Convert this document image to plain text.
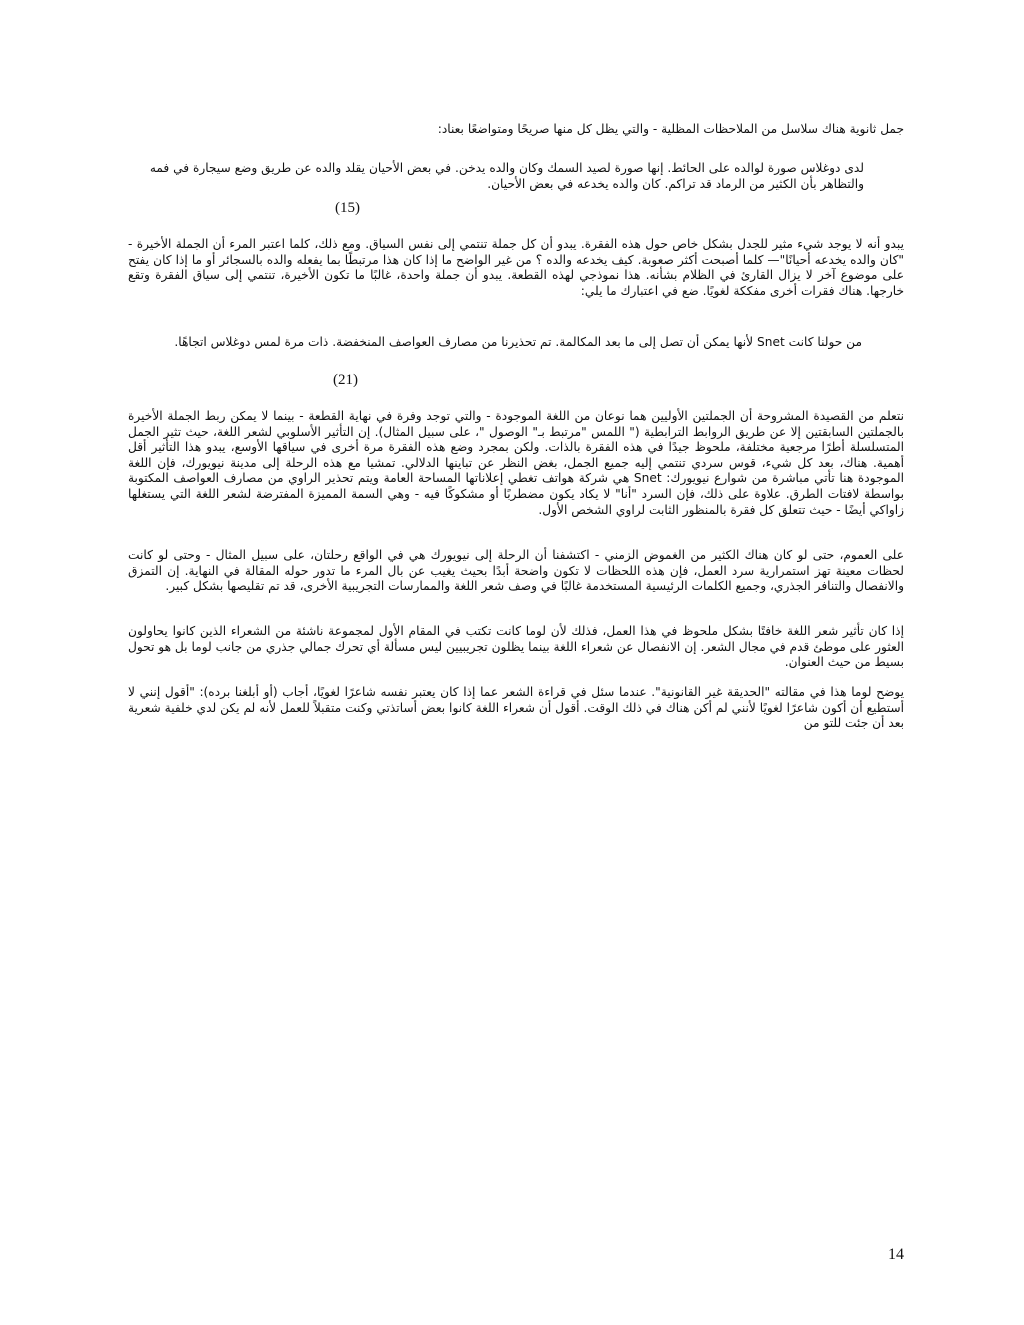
جمل ثانوية هناك سلاسل من الملاحظات المظلية - والتي يظل كل منها صريحًا ومتواضعًا بعناد:

لدى دوغلاس صورة لوالده على الحائط. إنها صورة لصيد السمك وكان والده يدخن. في بعض الأحيان يقلد والده عن طريق وضع سيجارة في فمه والتظاهر بأن الكثير من الرماد قد تراكم. كان والده يخدعه في بعض الأحيان.

(15)

يبدو أنه لا يوجد شيء مثير للجدل بشكل خاص حول هذه الفقرة. يبدو أن كل جملة تنتمي إلى نفس السياق. ومع ذلك، كلما اعتبر المرء أن الجملة الأخيرة - "كان والده يخدعه أحيانًا"— كلما أصبحت أكثر صعوبة. كيف يخدعه والده ؟ من غير الواضح ما إذا كان هذا مرتبطًا بما يفعله والده بالسجائر أو ما إذا كان يفتح على موضوع آخر لا يزال القارئ في الظلام بشأنه. هذا نموذجي لهذه القطعة. يبدو أن جملة واحدة، غالبًا ما تكون الأخيرة، تنتمي إلى سياق الفقرة وتقع خارجها. هناك فقرات أخرى مفككة لغويًا. ضع في اعتبارك ما يلي:

من حولنا كانت Snet لأنها يمكن أن تصل إلى ما بعد المكالمة. تم تحذيرنا من مصارف العواصف المنخفضة. ذات مرة لمس دوغلاس اتجاهًا.

(21)

نتعلم من القصيدة المشروحة أن الجملتين الأوليين هما نوعان من اللغة الموجودة - والتي توجد وفرة في نهاية القطعة - بينما لا يمكن ربط الجملة الأخيرة بالجملتين السابقتين إلا عن طريق الروابط الترابطية (" اللمس "مرتبط بـ" الوصول "، على سبيل المثال). إن التأثير الأسلوبي لشعر اللغة، حيث تثير الجمل المتسلسلة أطرًا مرجعية مختلفة، ملحوظ جيدًا في هذه الفقرة بالذات. ولكن بمجرد وضع هذه الفقرة مرة أخرى في سياقها الأوسع، يبدو هذا التأثير أقل أهمية. هناك، بعد كل شيء، قوس سردي تنتمي إليه جميع الجمل، بغض النظر عن تباينها الدلالي. تمشيا مع هذه الرحلة إلى مدينة نيويورك، فإن اللغة الموجودة هنا تأتي مباشرة من شوارع نيويورك: Snet هي شركة هواتف تغطي إعلاناتها المساحة العامة ويتم تحذير الراوي من مصارف العواصف المكتوبة بواسطة لافتات الطرق. علاوة على ذلك، فإن السرد "أنا" لا يكاد يكون مضطربًا أو مشكوكًا فيه - وهي السمة المميزة المفترضة لشعر اللغة التي يستغلها زاواكي أيضًا - حيث تتعلق كل فقرة بالمنظور الثابت لراوي الشخص الأول.

على العموم، حتى لو كان هناك الكثير من الغموض الزمني - اكتشفنا أن الرحلة إلى نيويورك هي في الواقع رحلتان، على سبيل المثال - وحتى لو كانت لحظات معينة تهز استمرارية سرد العمل، فإن هذه اللحظات لا تكون واضحة أبدًا بحيث يغيب عن بال المرء ما تدور حوله المقالة في النهاية. إن التمزق والانفصال والتنافر الجذري، وجميع الكلمات الرئيسية المستخدمة غالبًا في وصف شعر اللغة والممارسات التجريبية الأخرى، قد تم تقليصها بشكل كبير.

إذا كان تأثير شعر اللغة خافتًا بشكل ملحوظ في هذا العمل، فذلك لأن لوما كانت تكتب في المقام الأول لمجموعة ناشئة من الشعراء الذين كانوا يحاولون العثور على موطئ قدم في مجال الشعر. إن الانفصال عن شعراء اللغة بينما يظلون تجريبيين ليس مسألة أي تحرك جمالي جذري من جانب لوما بل هو تحول بسيط من حيث العنوان.

يوضح لوما هذا في مقالته "الحديقة غير القانونية". عندما سئل في قراءة الشعر عما إذا كان يعتبر نفسه شاعرًا لغويًا، أجاب (أو أبلغنا برده): "أقول إنني لا أستطيع أن أكون شاعرًا لغويًا لأنني لم أكن هناك في ذلك الوقت. أقول أن شعراء اللغة كانوا بعض أساتذتي وكنت متقبلاً للعمل لأنه لم يكن لدي خلفية شعرية بعد أن جئت للتو من

14
